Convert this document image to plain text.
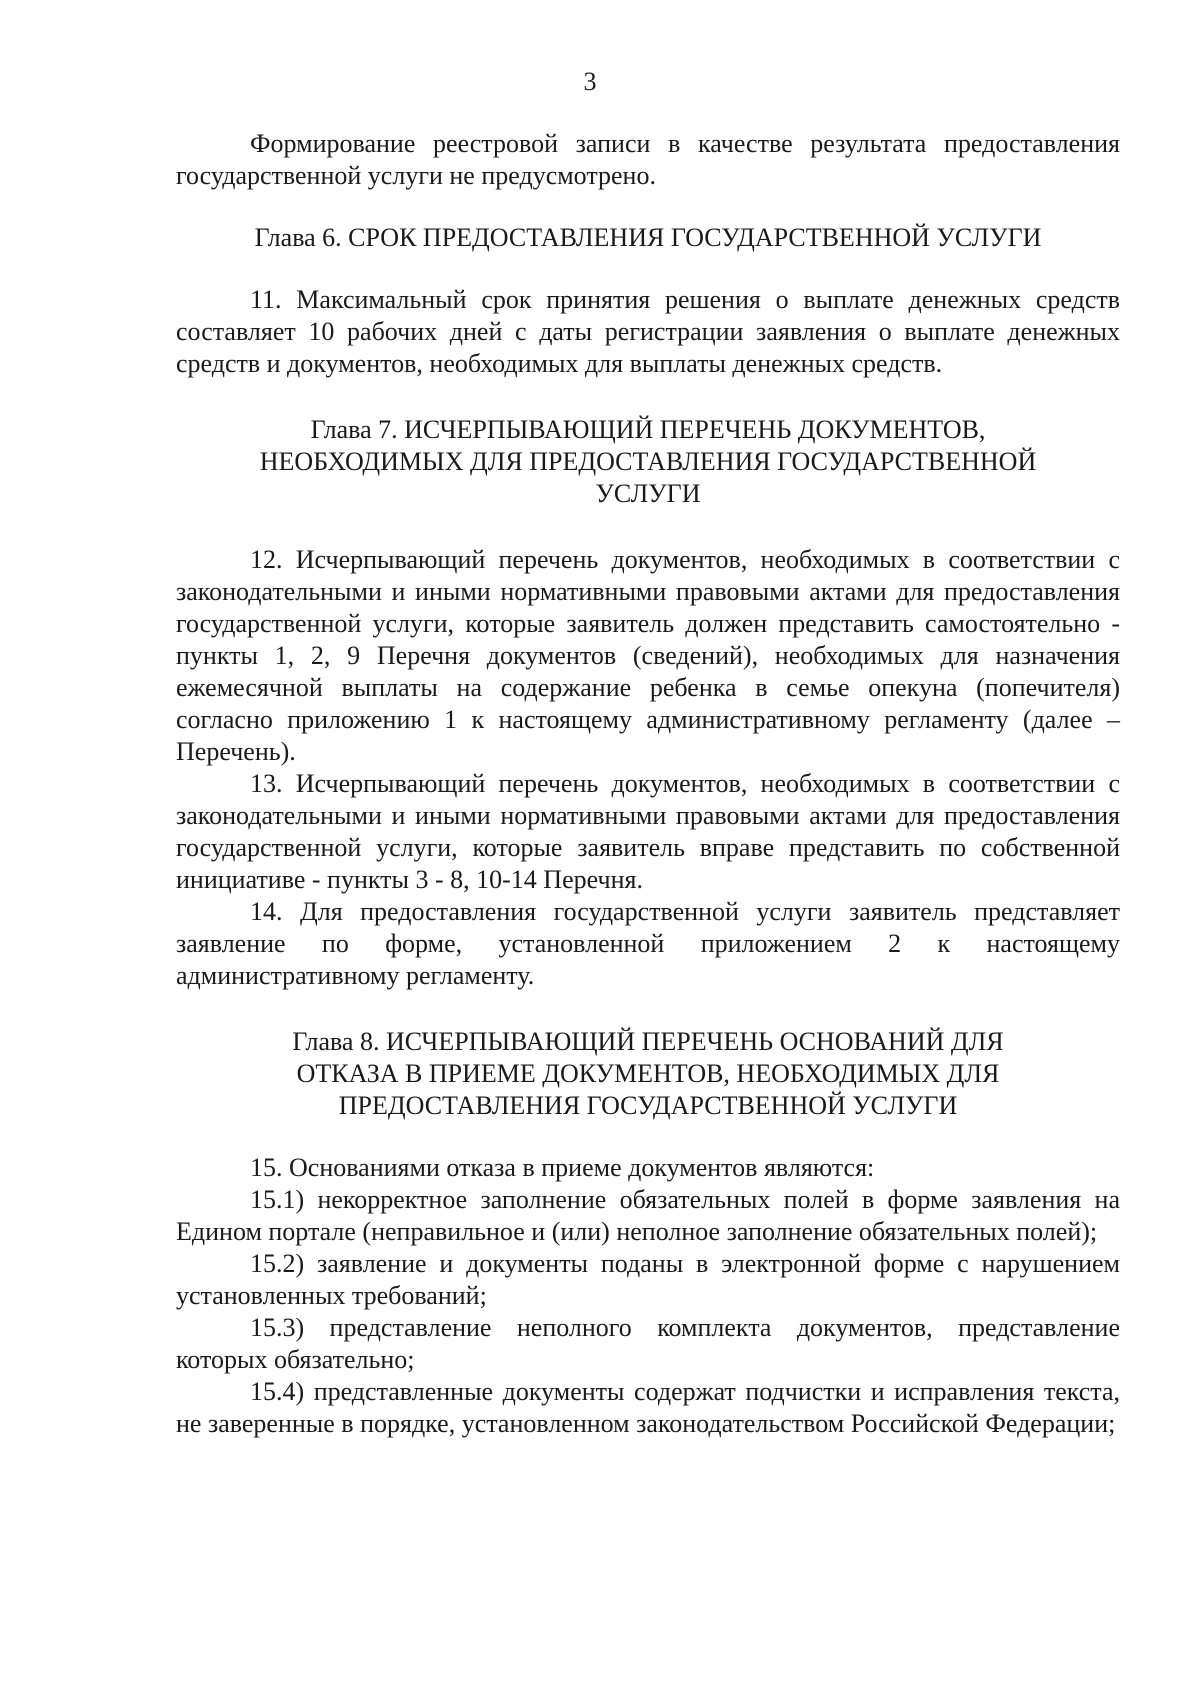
3

Формирование реестровой записи в качестве результата предоставления государственной услуги не предусмотрено.

Глава 6. СРОК ПРЕДОСТАВЛЕНИЯ ГОСУДАРСТВЕННОЙ УСЛУГИ

11. Максимальный срок принятия решения о выплате денежных средств составляет 10 рабочих дней с даты регистрации заявления о выплате денежных средств и документов, необходимых для выплаты денежных средств.

Глава 7. ИСЧЕРПЫВАЮЩИЙ ПЕРЕЧЕНЬ ДОКУМЕНТОВ,

НЕОБХОДИМЫХ ДЛЯ ПРЕДОСТАВЛЕНИЯ ГОСУДАРСТВЕННОЙ

УСЛУГИ

12. Исчерпывающий перечень документов, необходимых в соответствии с законодательными и иными нормативными правовыми актами для предоставления государственной услуги, которые заявитель должен представить самостоятельно - пункты 1, 2, 9 Перечня документов (сведений), необходимых для назначения ежемесячной выплаты на содержание ребенка в семье опекуна (попечителя) согласно приложению 1 к настоящему административному регламенту (далее – Перечень).

13. Исчерпывающий перечень документов, необходимых в соответствии с законодательными и иными нормативными правовыми актами для предоставления государственной услуги, которые заявитель вправе представить по собственной инициативе - пункты 3 - 8, 10-14 Перечня.

14. Для предоставления государственной услуги заявитель представляет заявление по форме, установленной приложением 2 к настоящему административному регламенту.

Глава 8. ИСЧЕРПЫВАЮЩИЙ ПЕРЕЧЕНЬ ОСНОВАНИЙ ДЛЯ

ОТКАЗА В ПРИЕМЕ ДОКУМЕНТОВ, НЕОБХОДИМЫХ ДЛЯ

ПРЕДОСТАВЛЕНИЯ ГОСУДАРСТВЕННОЙ УСЛУГИ

15. Основаниями отказа в приеме документов являются:

15.1) некорректное заполнение обязательных полей в форме заявления на Едином портале (неправильное и (или) неполное заполнение обязательных полей);

15.2) заявление и документы поданы в электронной форме с нарушением установленных требований;

15.3) представление неполного комплекта документов, представление которых обязательно;

15.4) представленные документы содержат подчистки и исправления текста, не заверенные в порядке, установленном законодательством Российской Федерации;
